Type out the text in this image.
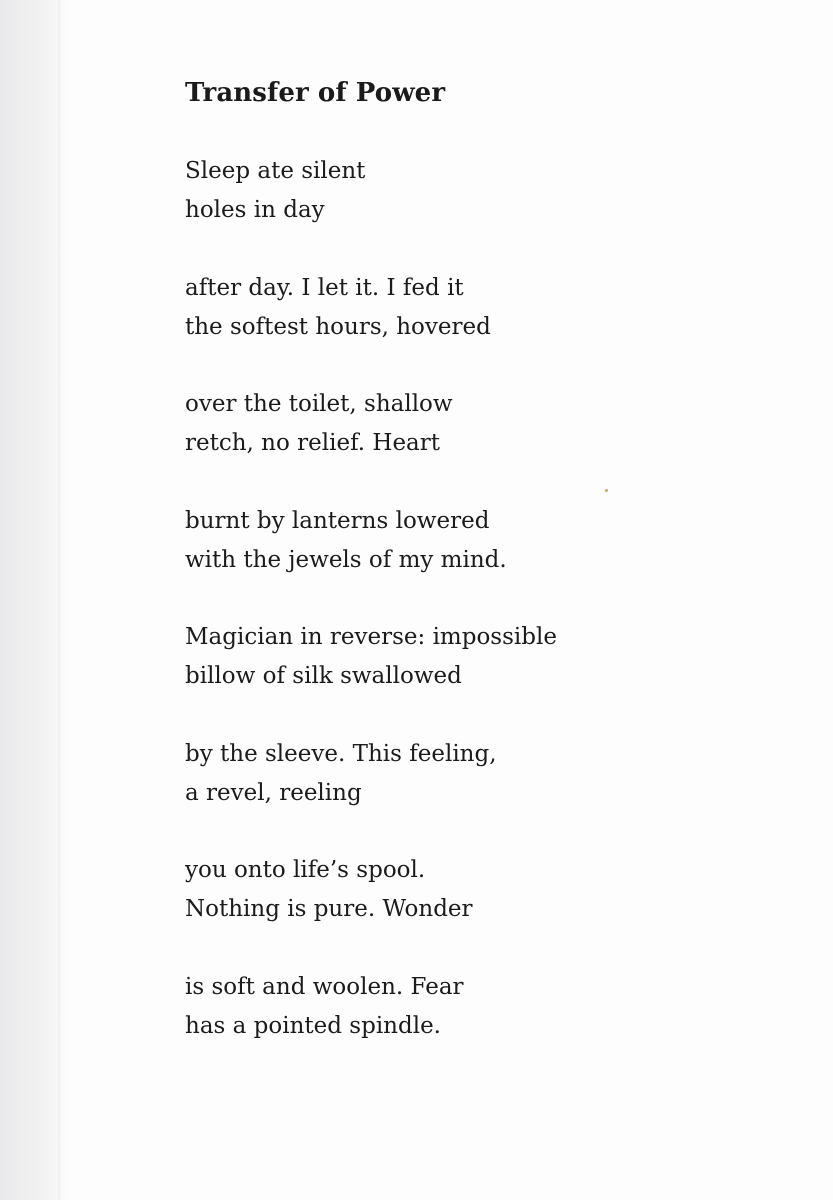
Transfer of Power
Sleep ate silent
holes in day
after day. I let it. I fed it
the softest hours, hovered
over the toilet, shallow
retch, no relief. Heart
burnt by lanterns lowered
with the jewels of my mind.
Magician in reverse: impossible
billow of silk swallowed
by the sleeve. This feeling,
a revel, reeling
you onto life’s spool.
Nothing is pure. Wonder
is soft and woolen. Fear
has a pointed spindle.
